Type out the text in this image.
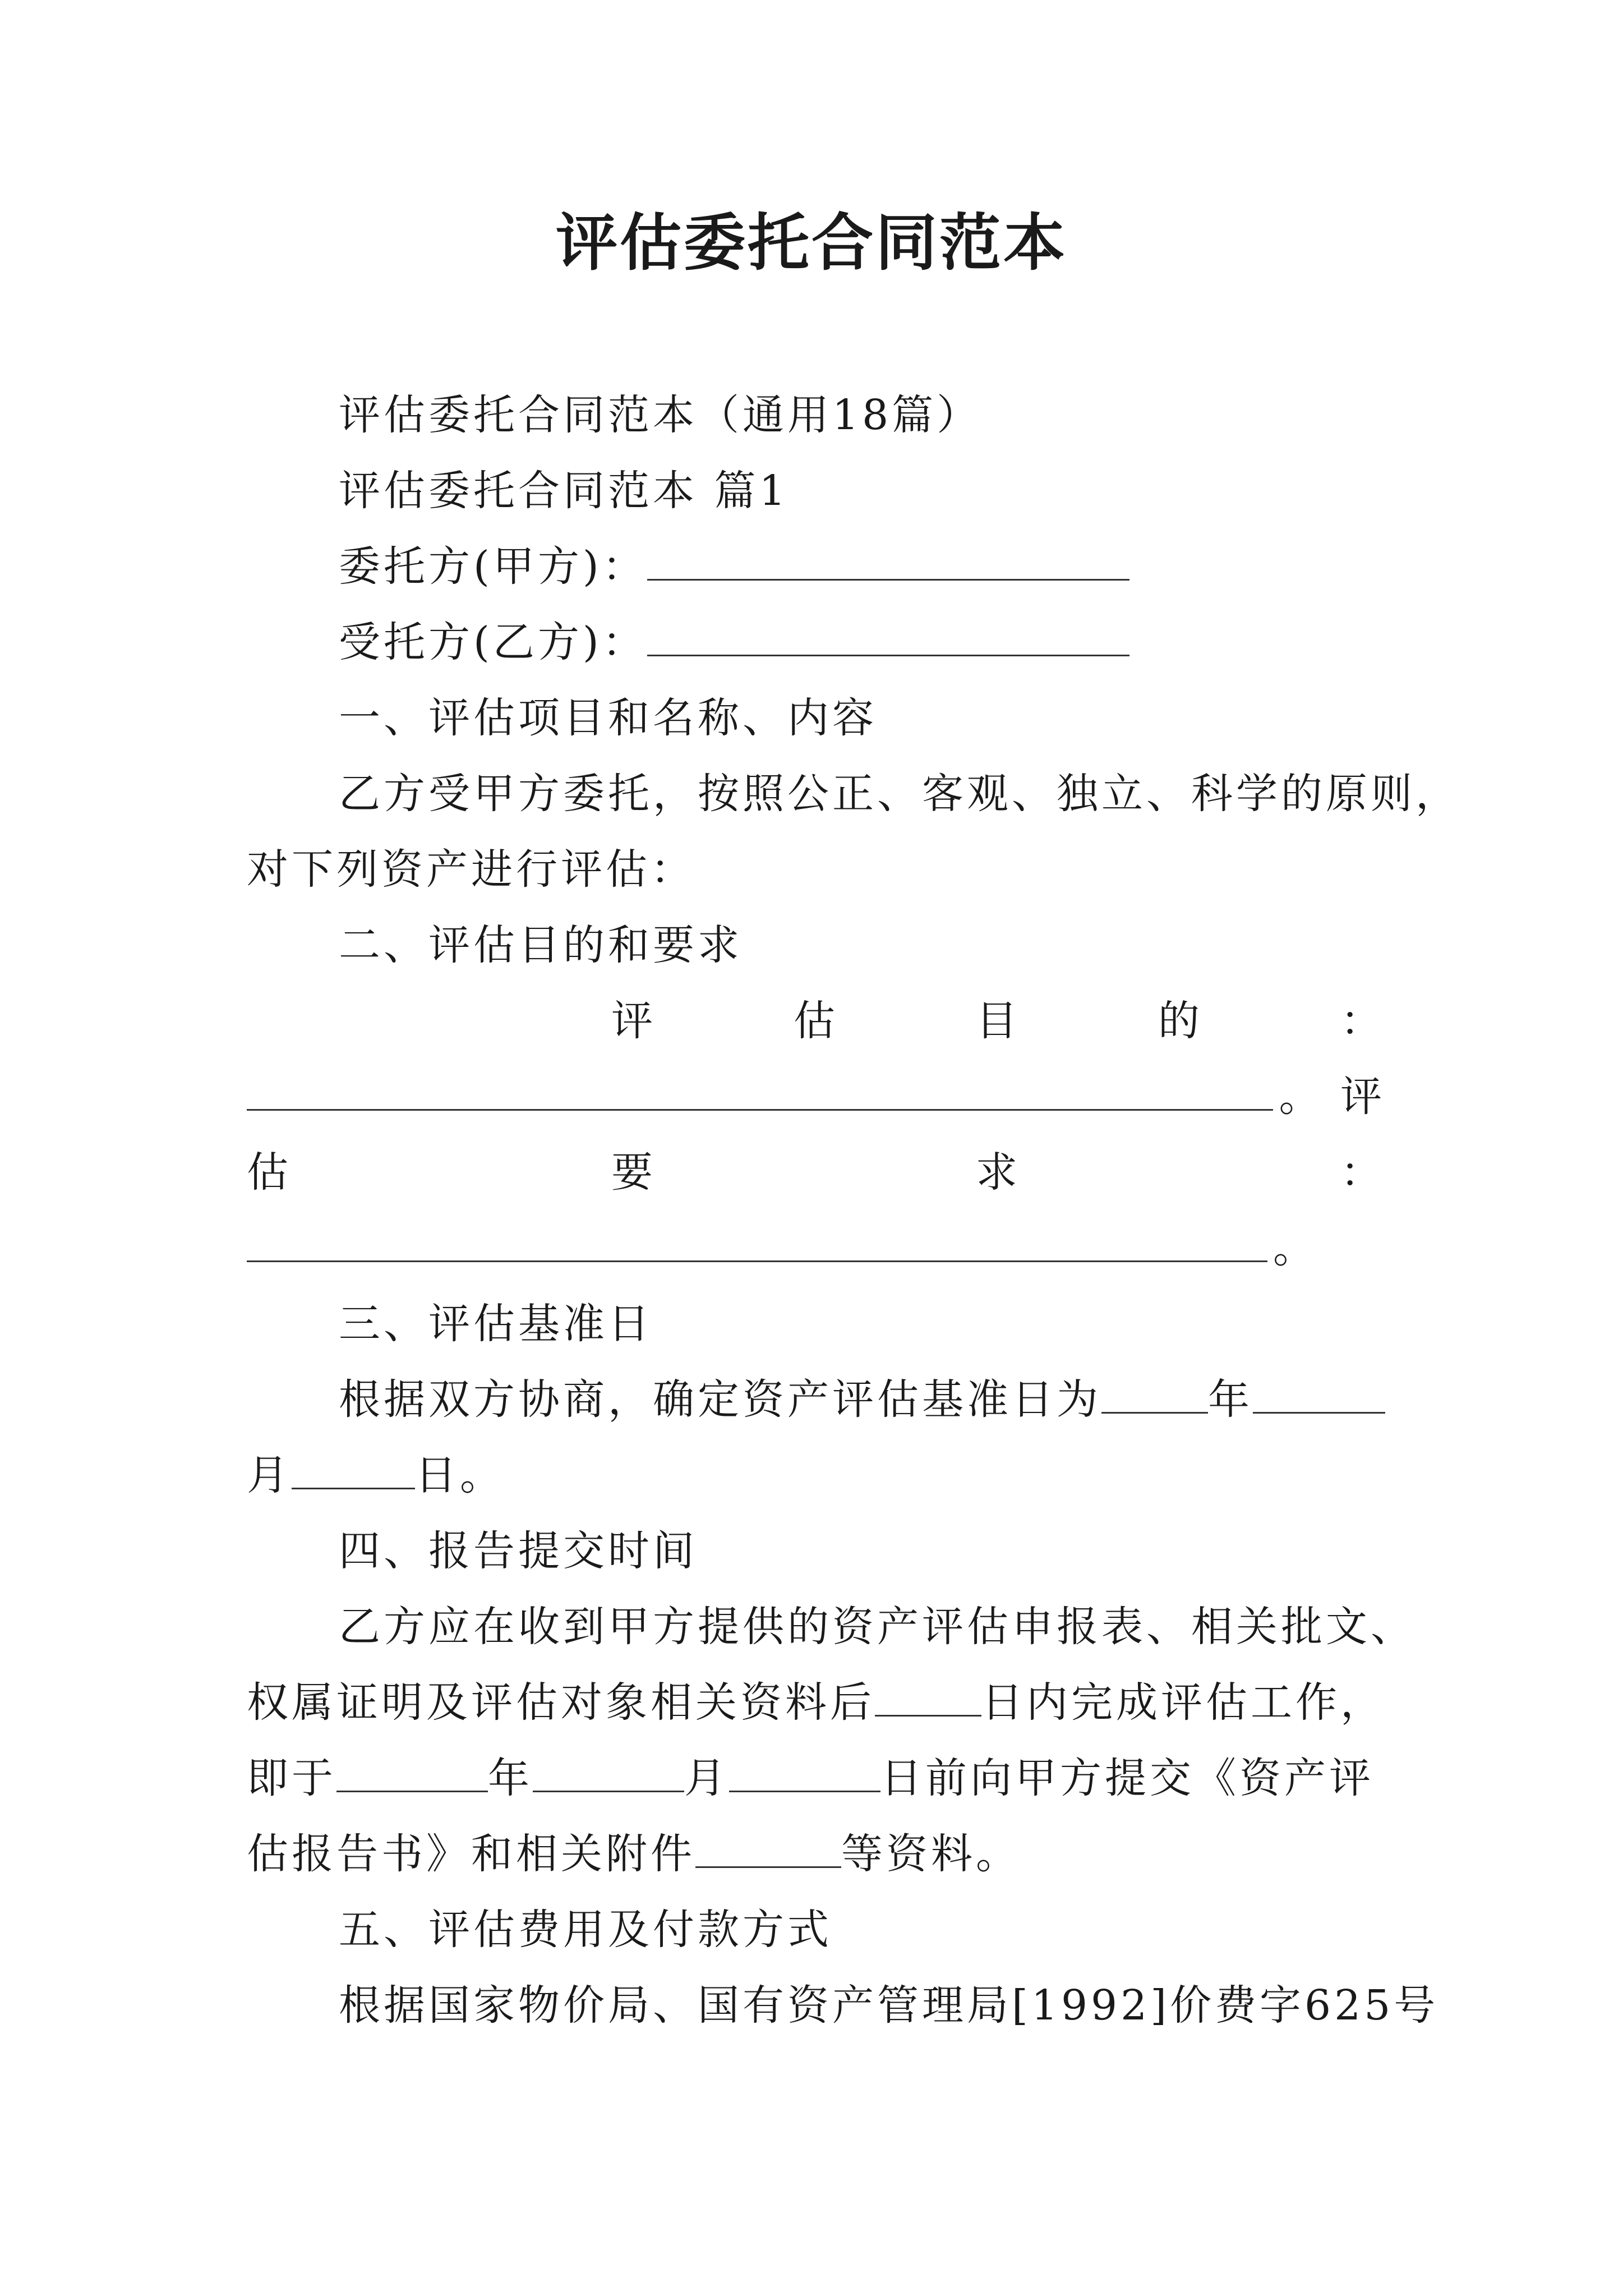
评估委托合同范本
评估委托合同范本（通用18篇）
评估委托合同范本 篇1
委托方(甲方)：
受托方(乙方)：
一、评估项目和名称、内容
乙方受甲方委托，按照公正、客观、独立、科学的原则，
对下列资产进行评估：
二、评估目的和要求
评	估	目	的	：
。 评
估	要	求	：
。
三、评估基准日
根据双方协商，确定资产评估基准日为	年
月	日。
四、报告提交时间
乙方应在收到甲方提供的资产评估申报表、相关批文、
权属证明及评估对象相关资料后	日内完成评估工作，
即于	年	月	日前向甲方提交《资产评
估报告书》和相关附件	等资料。
五、评估费用及付款方式
根据国家物价局、国有资产管理局[1992]价费字625号
